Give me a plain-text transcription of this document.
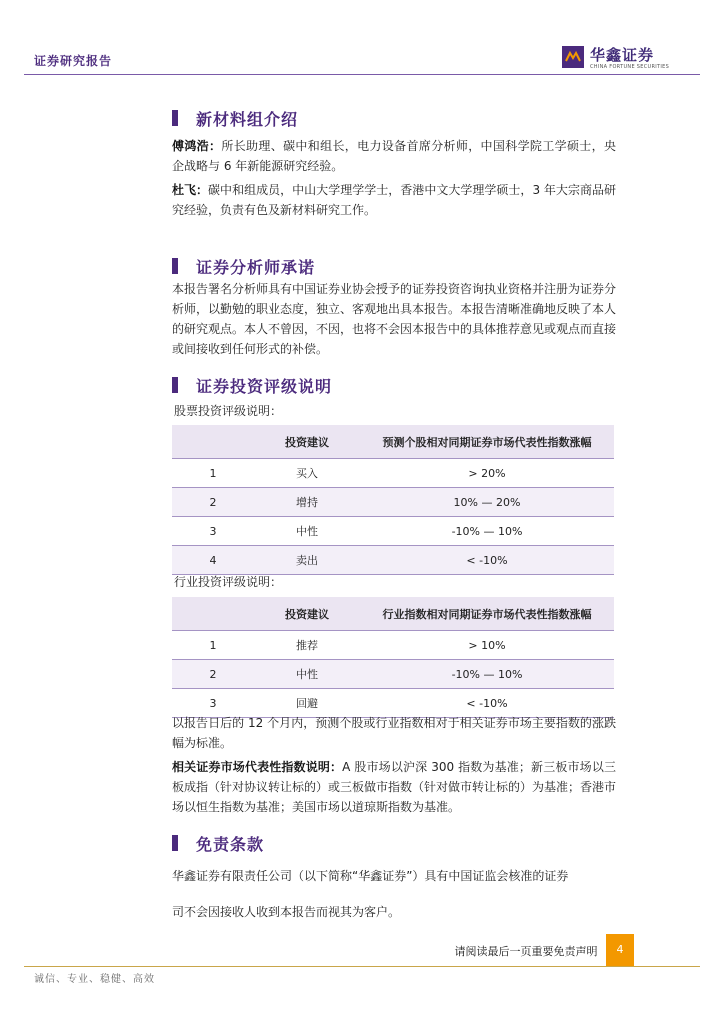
证券研究报告	华鑫证券
CHINA FORTUNE SECURITIES
新材料组介绍
傅鸿浩：所长助理、碳中和组长，电力设备首席分析师，中国科学院工学硕士，央企战略与 6 年新能源研究经验。
杜飞：碳中和组成员，中山大学理学学士，香港中文大学理学硕士，3 年大宗商品研究经验，负责有色及新材料研究工作。
证券分析师承诺
本报告署名分析师具有中国证券业协会授予的证券投资咨询执业资格并注册为证券分析师，以勤勉的职业态度，独立、客观地出具本报告。本报告清晰准确地反映了本人的研究观点。本人不曾因，不因，也将不会因本报告中的具体推荐意见或观点而直接或间接收到任何形式的补偿。
证券投资评级说明
股票投资评级说明：
	投资建议	预测个股相对同期证券市场代表性指数涨幅
1	买入	> 20%
2	增持	10% — 20%
3	中性	-10% — 10%
4	卖出	< -10%
行业投资评级说明：
	投资建议	行业指数相对同期证券市场代表性指数涨幅
1	推荐	> 10%
2	中性	-10% — 10%
3	回避	< -10%
以报告日后的 12 个月内，预测个股或行业指数相对于相关证券市场主要指数的涨跌幅为标准。
相关证券市场代表性指数说明：A 股市场以沪深 300 指数为基准；新三板市场以三板成指（针对协议转让标的）或三板做市指数（针对做市转让标的）为基准；香港市场以恒生指数为基准；美国市场以道琼斯指数为基准。
免责条款
华鑫证券有限责任公司（以下简称“华鑫证券”）具有中国证监会核准的证券
司不会因接收人收到本报告而视其为客户。
请阅读最后一页重要免责声明	4
诚信、专业、稳健、高效
